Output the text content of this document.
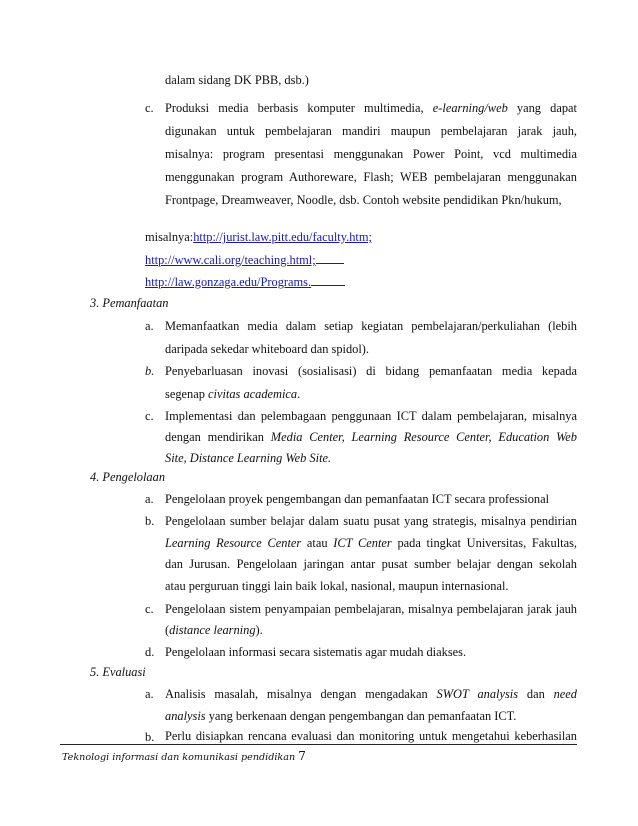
dalam sidang DK PBB, dsb.)
c. Produksi media berbasis komputer multimedia, e-learning/web yang dapat
digunakan untuk pembelajaran mandiri maupun pembelajaran jarak jauh,
misalnya: program presentasi menggunakan Power Point, vcd multimedia
menggunakan program Authoreware, Flash; WEB pembelajaran menggunakan
Frontpage, Dreamweaver, Noodle, dsb. Contoh website pendidikan Pkn/hukum,
misalnya:http://jurist.law.pitt.edu/faculty.htm;
http://www.cali.org/teaching.html;
http://law.gonzaga.edu/Programs.
3. Pemanfaatan
a. Memanfaatkan media dalam setiap kegiatan pembelajaran/perkuliahan (lebih
daripada sekedar whiteboard dan spidol).
b. Penyebarluasan inovasi (sosialisasi) di bidang pemanfaatan media kepada
segenap civitas academica.
c. Implementasi dan pelembagaan penggunaan ICT dalam pembelajaran, misalnya
dengan mendirikan Media Center, Learning Resource Center, Education Web
Site, Distance Learning Web Site.
4. Pengelolaan
a. Pengelolaan proyek pengembangan dan pemanfaatan ICT secara professional
b. Pengelolaan sumber belajar dalam suatu pusat yang strategis, misalnya pendirian
Learning Resource Center atau ICT Center pada tingkat Universitas, Fakultas,
dan Jurusan. Pengelolaan jaringan antar pusat sumber belajar dengan sekolah
atau perguruan tinggi lain baik lokal, nasional, maupun internasional.
c. Pengelolaan sistem penyampaian pembelajaran, misalnya pembelajaran jarak jauh
(distance learning).
d. Pengelolaan informasi secara sistematis agar mudah diakses.
5. Evaluasi
a. Analisis masalah, misalnya dengan mengadakan SWOT analysis dan need
analysis yang berkenaan dengan pengembangan dan pemanfaatan ICT.
b. Perlu disiapkan rencana evaluasi dan monitoring untuk mengetahui keberhasilan
Teknologi informasi dan komunikasi pendidikan 7
